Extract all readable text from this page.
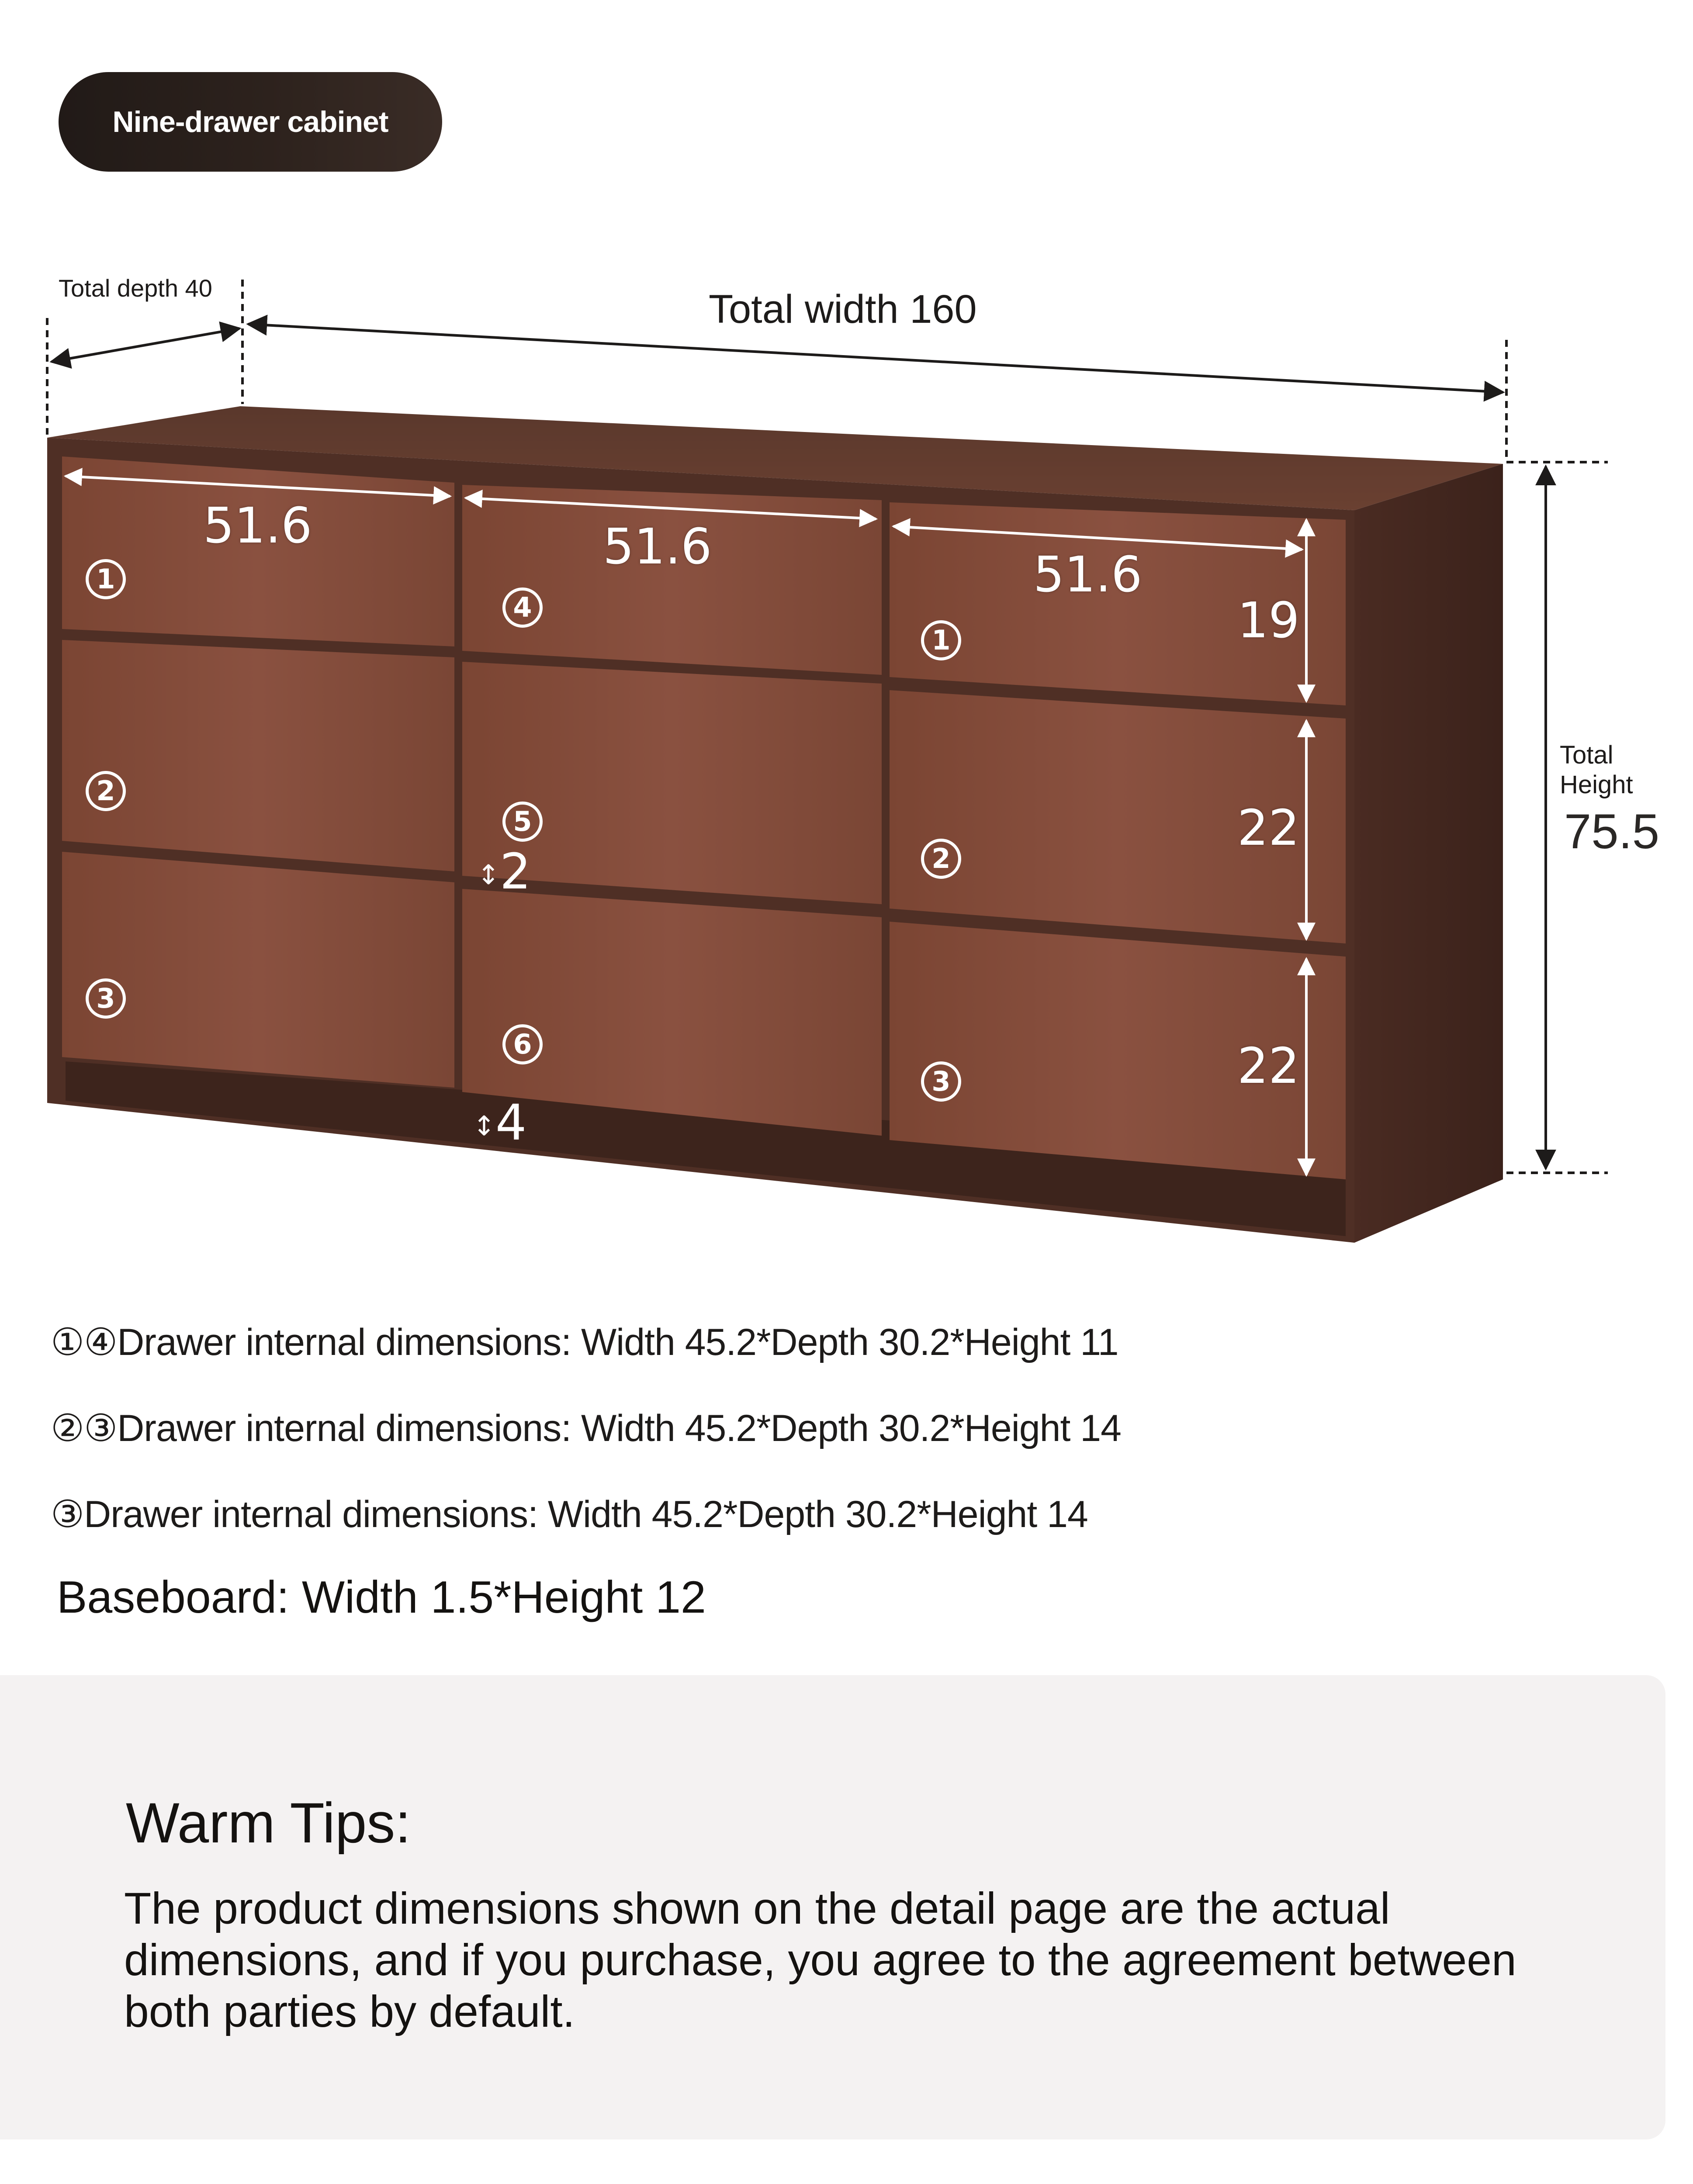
Nine-drawer cabinet
Total depth 40	Total width 160
Total
Height
75.5
51.6	51.6	51.6
19
22
22
↕2
↕4
1
2
3
4
5
6
1
2
3
①④Drawer internal dimensions: Width 45.2*Depth 30.2*Height 11
②③Drawer internal dimensions: Width 45.2*Depth 30.2*Height 14
③Drawer internal dimensions: Width 45.2*Depth 30.2*Height 14
Baseboard: Width 1.5*Height 12
Warm Tips:
The product dimensions shown on the detail page are the actual dimensions, and if you purchase, you agree to the agreement between both parties by default.
